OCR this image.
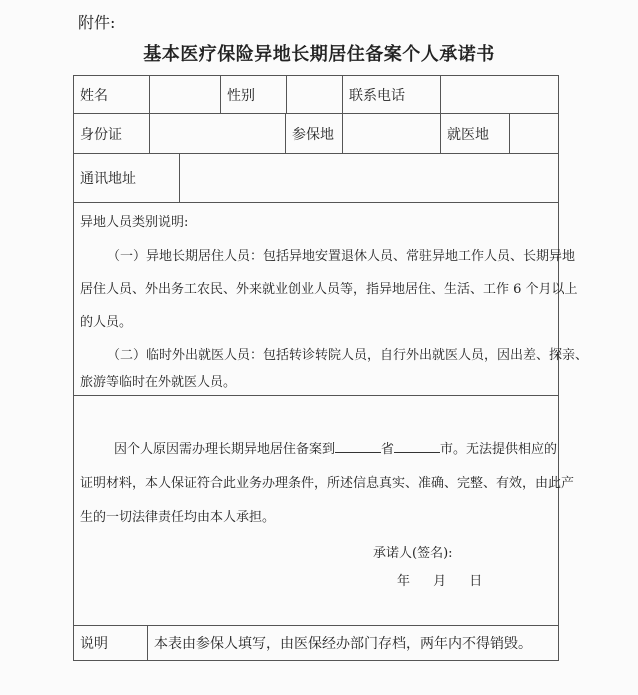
附件:
基本医疗保险异地长期居住备案个人承诺书
姓名	性别	联系电话
身份证	参保地	就医地
通讯地址
异地人员类别说明:
（一）异地长期居住人员：包括异地安置退休人员、常驻异地工作人员、长期异地
居住人员、外出务工农民、外来就业创业人员等，指异地居住、生活、工作 6 个月以上
的人员。
（二）临时外出就医人员：包括转诊转院人员，自行外出就医人员，因出差、探亲、
旅游等临时在外就医人员。
因个人原因需办理长期异地居住备案到	省	市。无法提供相应的
证明材料，本人保证符合此业务办理条件，所述信息真实、准确、完整、有效，由此产
生的一切法律责任均由本人承担。
承诺人(签名):
年　 月　 日
说明	本表由参保人填写，由医保经办部门存档，两年内不得销毁。
